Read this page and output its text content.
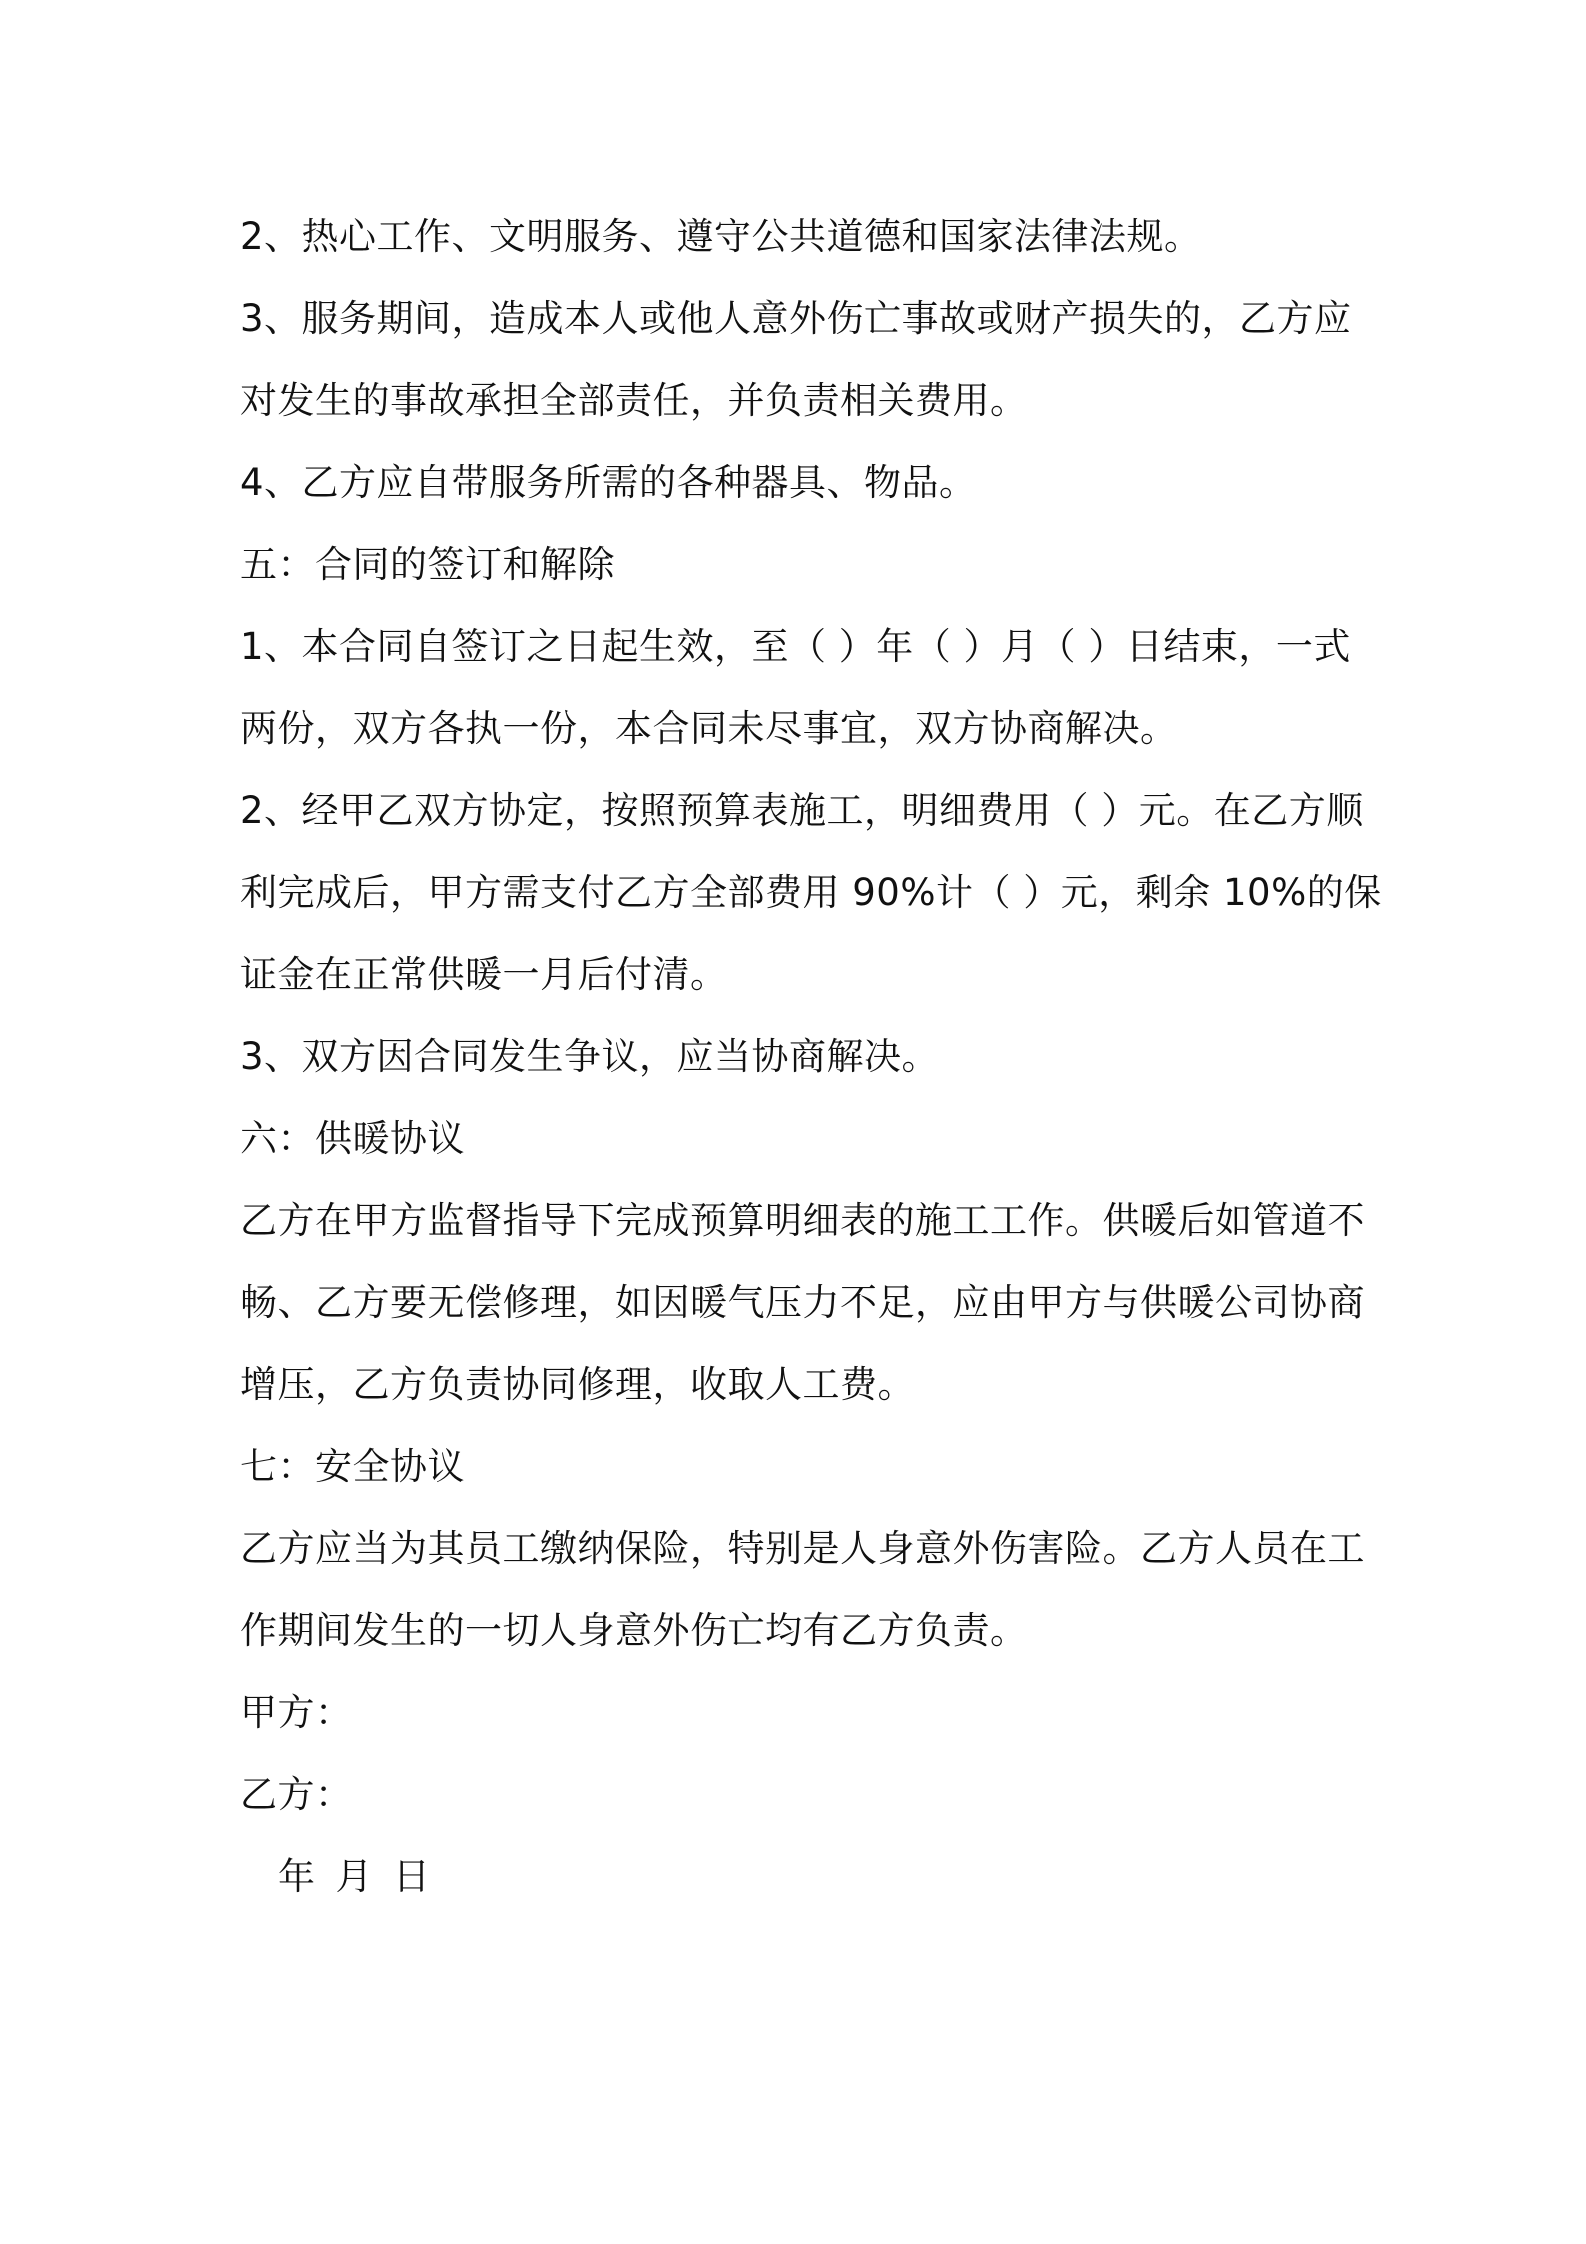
2、热心工作、文明服务、遵守公共道德和国家法律法规。
3、服务期间，造成本人或他人意外伤亡事故或财产损失的，乙方应
对发生的事故承担全部责任，并负责相关费用。
4、乙方应自带服务所需的各种器具、物品。
五：合同的签订和解除
1、本合同自签订之日起生效，至（ ）年（ ）月（ ）日结束，一式
两份，双方各执一份，本合同未尽事宜，双方协商解决。
2、经甲乙双方协定，按照预算表施工，明细费用（ ）元。在乙方顺
利完成后，甲方需支付乙方全部费用 90%计（ ）元，剩余 10%的保
证金在正常供暖一月后付清。
3、双方因合同发生争议，应当协商解决。
六：供暖协议
乙方在甲方监督指导下完成预算明细表的施工工作。供暖后如管道不
畅、乙方要无偿修理，如因暖气压力不足，应由甲方与供暖公司协商
增压，乙方负责协同修理，收取人工费。
七：安全协议
乙方应当为其员工缴纳保险，特别是人身意外伤害险。乙方人员在工
作期间发生的一切人身意外伤亡均有乙方负责。
甲方：
乙方：
年 月 日
